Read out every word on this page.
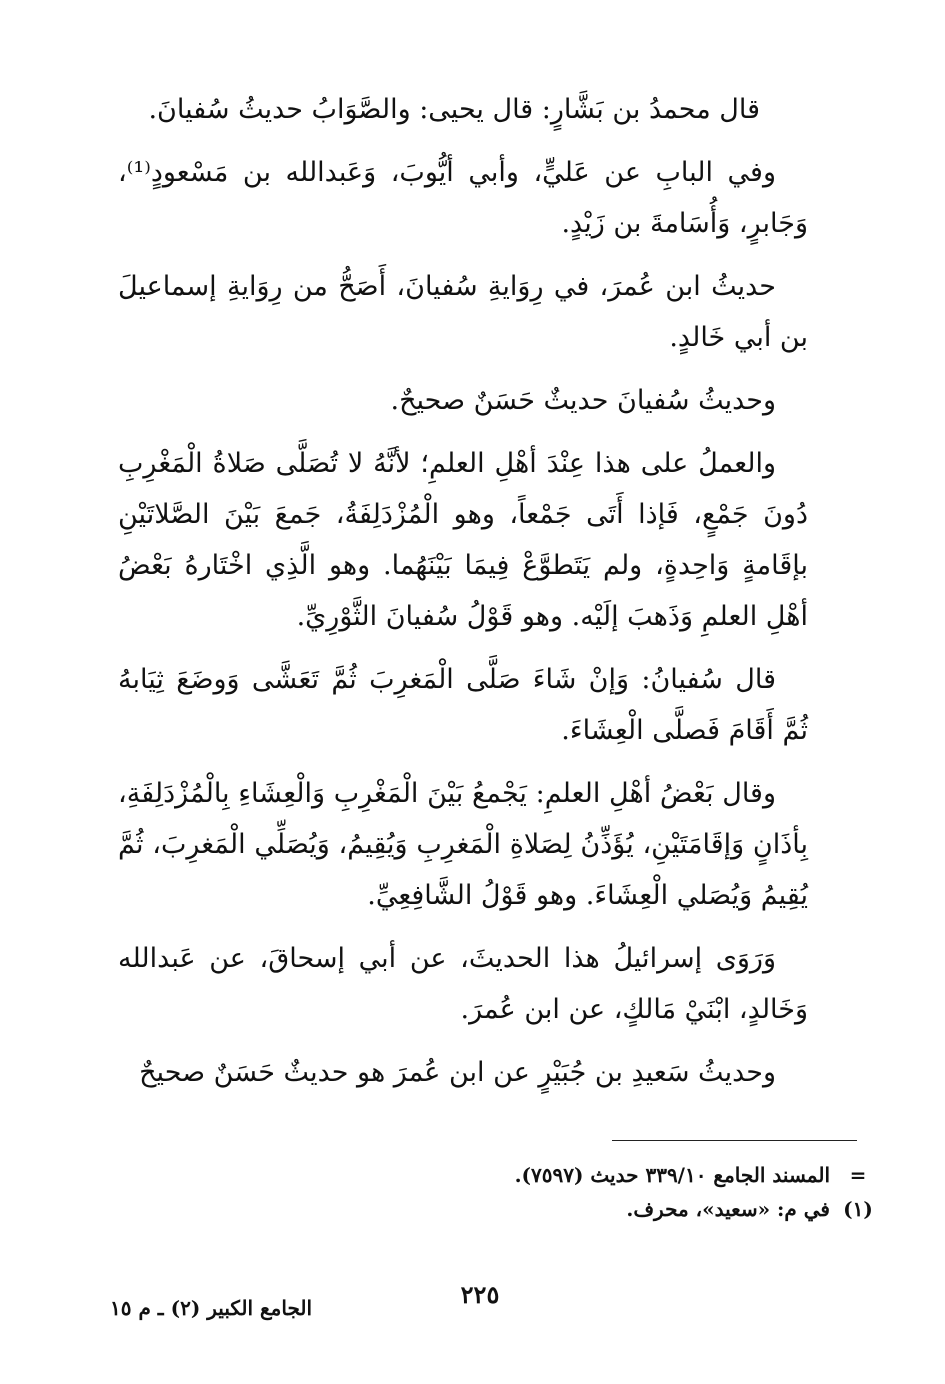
قال محمدُ بن بَشَّارٍ: قال يحيى: والصَّوَابُ حديثُ سُفيانَ.

وفي البابِ عن عَليٍّ، وأبي أيُّوبَ، وَعَبدالله بن مَسْعودٍ⁽¹⁾، وَجَابرٍ، وَأُسَامةَ بن زَيْدٍ.

حديثُ ابن عُمرَ، في رِوَايةِ سُفيانَ، أَصَحُّ من رِوَايةِ إسماعيلَ بن أبي خَالدٍ.

وحديثُ سُفيانَ حديثٌ حَسَنٌ صحيحٌ.

والعملُ على هذا عِنْدَ أهْلِ العلمِ؛ لأنَّهُ لا تُصَلَّى صَلاةُ الْمَغْرِبِ دُونَ جَمْعٍ، فَإذا أَتَى جَمْعاً، وهو الْمُزْدَلِفَةُ، جَمعَ بَيْنَ الصَّلاتَيْنِ بإقَامةٍ وَاحِدةٍ، ولم يَتَطوَّعْ فِيمَا بَيْنَهُما. وهو الَّذِي اخْتَارهُ بَعْضُ أهْلِ العلمِ وَذَهبَ إلَيْه. وهو قَوْلُ سُفيانَ الثَّوْرِيِّ.

قال سُفيانُ: وَإنْ شَاءَ صَلَّى الْمَغرِبَ ثُمَّ تَعَشَّى وَوضَعَ ثِيَابهُ ثُمَّ أَقَامَ فَصلَّى الْعِشَاءَ.

وقال بَعْضُ أهْلِ العلمِ: يَجْمعُ بَيْنَ الْمَغْرِبِ وَالْعِشَاءِ بِالْمُزْدَلِفَةِ، بِأذَانٍ وَإقَامَتَيْنِ، يُؤَذِّنُ لِصَلاةِ الْمَغرِبِ وَيُقِيمُ، وَيُصَلِّي الْمَغرِبَ، ثُمَّ يُقِيمُ وَيُصَلي الْعِشَاءَ. وهو قَوْلُ الشَّافِعِيِّ.

وَرَوَى إسرائيلُ هذا الحديثَ، عن أبي إسحاقَ، عن عَبدالله وَخَالدٍ، ابْنَيْ مَالكٍ، عن ابن عُمرَ.

وحديثُ سَعيدِ بن جُبَيْرٍ عن ابن عُمرَ هو حديثٌ حَسَنٌ صحيحٌ

=
المسند الجامع ٣٣٩/١٠ حديث (٧٥٩٧).
(١)
في م: «سعيد»، محرف.
٢٢٥
الجامع الكبير (٢) ـ م ١٥
